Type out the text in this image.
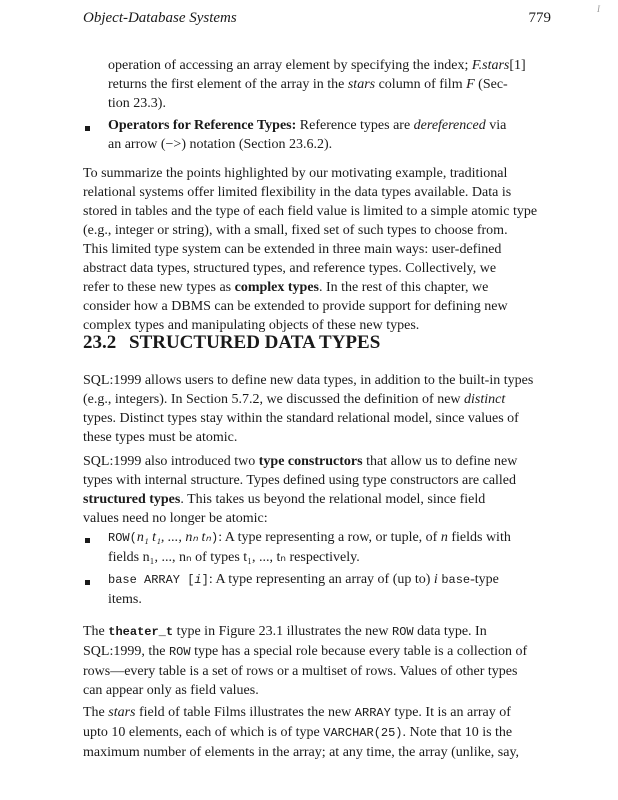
Object-Database Systems	779
I
operation of accessing an array element by specifying the index; F.stars[1]
returns the first element of the array in the stars column of film F (Sec-
tion 23.3).
Operators for Reference Types: Reference types are dereferenced via
an arrow (−>) notation (Section 23.6.2).
To summarize the points highlighted by our motivating example, traditional
relational systems offer limited flexibility in the data types available. Data is
stored in tables and the type of each field value is limited to a simple atomic type
(e.g., integer or string), with a small, fixed set of such types to choose from.
This limited type system can be extended in three main ways: user-defined
abstract data types, structured types, and reference types. Collectively, we
refer to these new types as complex types. In the rest of this chapter, we
consider how a DBMS can be extended to provide support for defining new
complex types and manipulating objects of these new types.
23.2 STRUCTURED DATA TYPES
SQL:1999 allows users to define new data types, in addition to the built-in types
(e.g., integers). In Section 5.7.2, we discussed the definition of new distinct
types. Distinct types stay within the standard relational model, since values of
these types must be atomic.
SQL:1999 also introduced two type constructors that allow us to define new
types with internal structure. Types defined using type constructors are called
structured types. This takes us beyond the relational model, since field
values need no longer be atomic:
ROW(n₁ t₁, ..., nₙ tₙ): A type representing a row, or tuple, of n fields with
fields n₁, ..., nₙ of types t₁, ..., tₙ respectively.
base ARRAY [i]: A type representing an array of (up to) i base-type
items.
The theater_t type in Figure 23.1 illustrates the new ROW data type. In
SQL:1999, the ROW type has a special role because every table is a collection of
rows—every table is a set of rows or a multiset of rows. Values of other types
can appear only as field values.
The stars field of table Films illustrates the new ARRAY type. It is an array of
upto 10 elements, each of which is of type VARCHAR(25). Note that 10 is the
maximum number of elements in the array; at any time, the array (unlike, say,
